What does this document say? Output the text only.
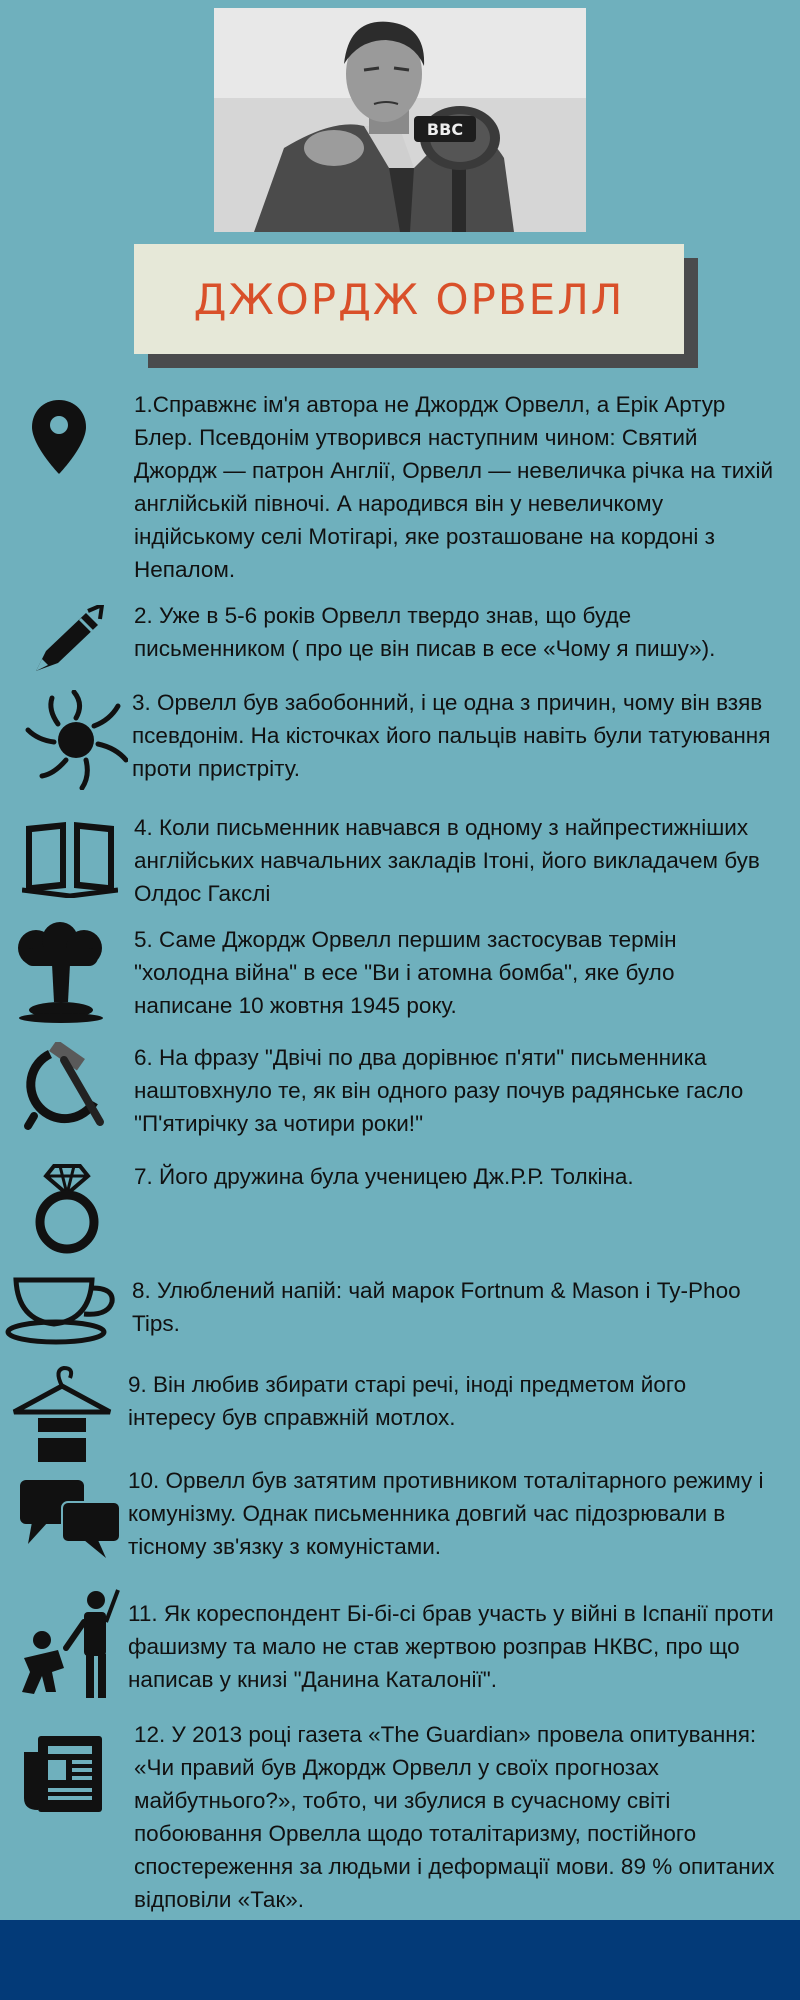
BBC
ДЖОРДЖ ОРВЕЛЛ

1.Справжнє ім'я автора не Джордж Орвелл, а Ерік Артур Блер. Псевдонім утворився наступним чином: Святий Джордж — патрон Англії, Орвелл — невеличка річка на тихій англійській півночі. А народився він у невеличкому індійському селі Мотігарі, яке розташоване на кордоні з Непалом.

2. Уже в 5-6 років Орвелл твердо знав, що буде письменником ( про це він писав в есе «Чому я пишу»).

3. Орвелл був забобонний, і це одна з причин, чому він взяв псевдонім. На кісточках його пальців навіть були татуювання проти пристріту.

4. Коли письменник навчався в одному з найпрестижніших англійських навчальних закладів Ітоні, його викладачем був Олдос Гакслі

5. Саме Джордж Орвелл першим застосував термін "холодна війна" в есе "Ви і атомна бомба", яке було написане 10 жовтня 1945 року.

6. На фразу "Двічі по два дорівнює п'яти" письменника наштовхнуло те, як він одного разу почув радянське гасло "П'ятирічку за чотири роки!"

7. Його дружина була ученицею Дж.Р.Р. Толкіна.

8. Улюблений напій: чай марок Fortnum & Mason і Ty-Phoo Tips.

9. Він любив збирати старі речі, іноді предметом його інтересу був справжній мотлох.

10. Орвелл був затятим противником тоталітарного режиму і комунізму. Однак письменника довгий час підозрювали в тісному зв'язку з комуністами.

11. Як кореспондент Бі-бі-сі брав участь у війні в Іспанії проти фашизму та мало не став жертвою розправ НКВС, про що написав у книзі "Данина Каталонії".

12. У 2013 році газета «The Guardian» провела опитування: «Чи правий був Джордж Орвелл у своїх прогнозах майбутнього?», тобто, чи збулися в сучасному світі побоювання Орвелла щодо тоталітаризму, постійного спостереження за людьми і деформації мови. 89 % опитаних відповіли «Так».
